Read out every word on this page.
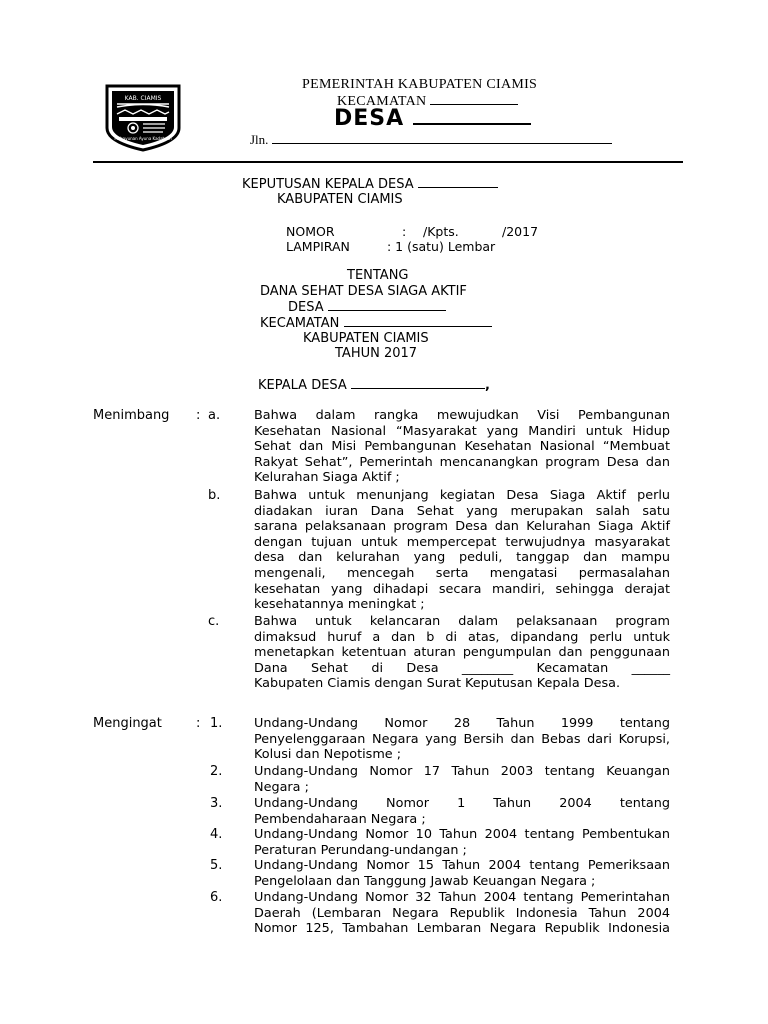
KAB. CIAMIS
Mahayunan Ayuna Kadatuan
PEMERINTAH KABUPATEN CIAMIS
KECAMATAN
DESA
Jln.
KEPUTUSAN KEPALA DESA
KABUPATEN CIAMIS
NOMOR	: /Kpts.	/2017
LAMPIRAN	: 1 (satu) Lembar
TENTANG
DANA SEHAT DESA SIAGA AKTIF
DESA
KECAMATAN
KABUPATEN CIAMIS
TAHUN 2017
KEPALA DESA	,
Menimbang : a.	Bahwa dalam rangka mewujudkan Visi Pembangunan
Kesehatan Nasional “Masyarakat yang Mandiri untuk Hidup
Sehat dan Misi Pembangunan Kesehatan Nasional “Membuat
Rakyat Sehat”, Pemerintah mencanangkan program Desa dan
Kelurahan Siaga Aktif ;
b.	Bahwa untuk menunjang kegiatan Desa Siaga Aktif perlu
diadakan iuran Dana Sehat yang merupakan salah satu
sarana pelaksanaan program Desa dan Kelurahan Siaga Aktif
dengan tujuan untuk mempercepat terwujudnya masyarakat
desa dan kelurahan yang peduli, tanggap dan mampu
mengenali, mencegah serta mengatasi permasalahan
kesehatan yang dihadapi secara mandiri, sehingga derajat
kesehatannya meningkat ;
c.	Bahwa untuk kelancaran dalam pelaksanaan program
dimaksud huruf a dan b di atas, dipandang perlu untuk
menetapkan ketentuan aturan pengumpulan dan penggunaan
Dana Sehat di Desa ________ Kecamatan ______
Kabupaten Ciamis dengan Surat Keputusan Kepala Desa.
Mengingat	: 1. Undang-Undang Nomor 28 Tahun 1999 tentang
Penyelenggaraan Negara yang Bersih dan Bebas dari Korupsi,
Kolusi dan Nepotisme ;
2. Undang-Undang Nomor 17 Tahun 2003 tentang Keuangan
Negara ;
3. Undang-Undang Nomor 1 Tahun 2004 tentang
Pembendaharaan Negara ;
4. Undang-Undang Nomor 10 Tahun 2004 tentang Pembentukan
Peraturan Perundang-undangan ;
5. Undang-Undang Nomor 15 Tahun 2004 tentang Pemeriksaan
Pengelolaan dan Tanggung Jawab Keuangan Negara ;
6. Undang-Undang Nomor 32 Tahun 2004 tentang Pemerintahan
Daerah (Lembaran Negara Republik Indonesia Tahun 2004
Nomor 125, Tambahan Lembaran Negara Republik Indonesia
